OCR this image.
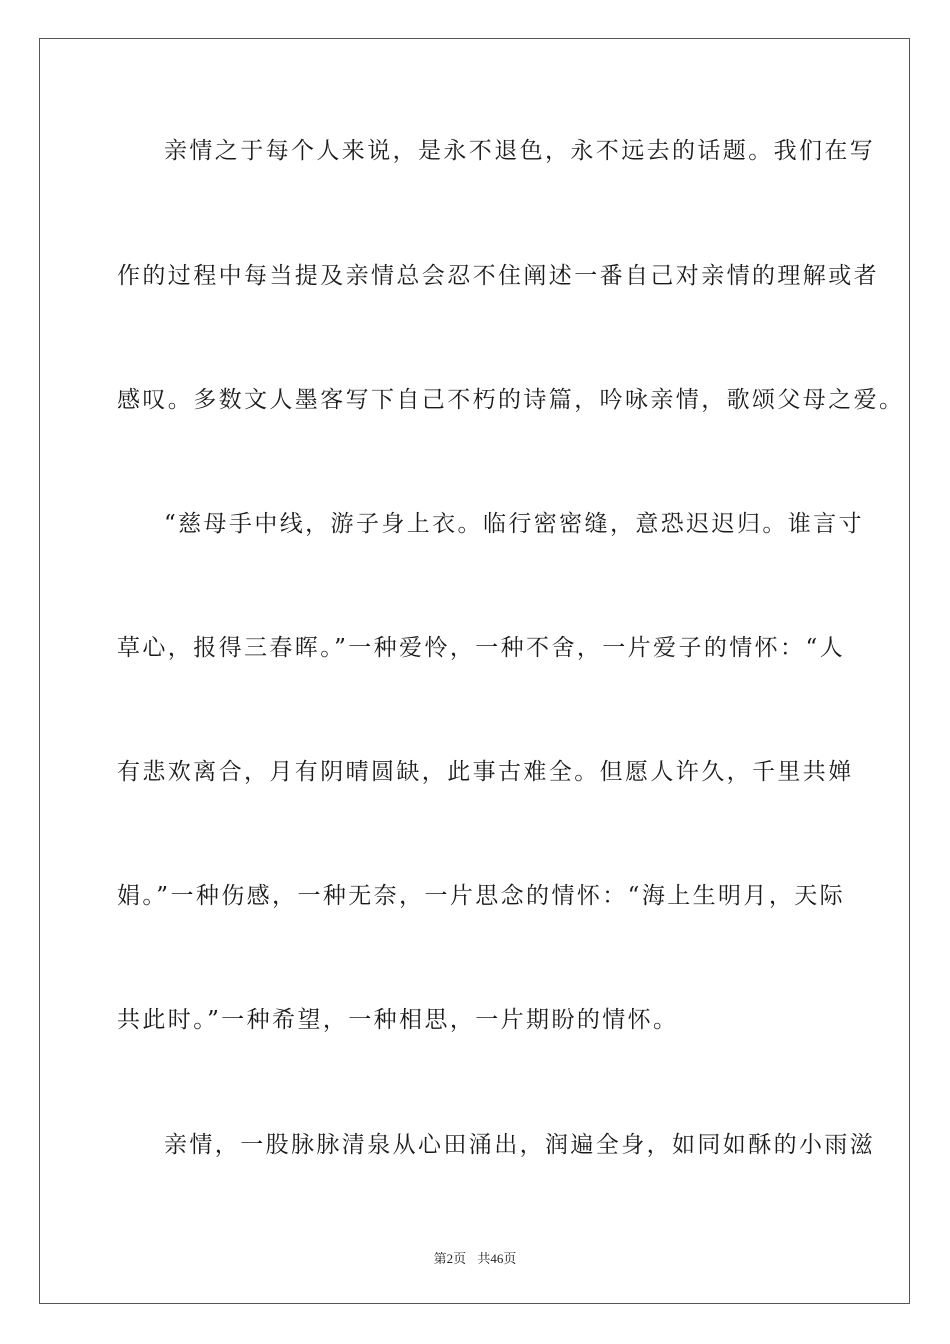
亲情之于每个人来说，是永不退色，永不远去的话题。我们在写
作的过程中每当提及亲情总会忍不住阐述一番自己对亲情的理解或者
感叹。多数文人墨客写下自己不朽的诗篇，吟咏亲情，歌颂父母之爱。
“慈母手中线，游子身上衣。临行密密缝，意恐迟迟归。谁言寸
草心，报得三春晖。”一种爱怜，一种不舍，一片爱子的情怀：“人
有悲欢离合，月有阴晴圆缺，此事古难全。但愿人许久，千里共婵
娟。”一种伤感，一种无奈，一片思念的情怀：“海上生明月，天际
共此时。”一种希望，一种相思，一片期盼的情怀。
亲情，一股脉脉清泉从心田涌出，润遍全身，如同如酥的小雨滋
第2页 共46页
